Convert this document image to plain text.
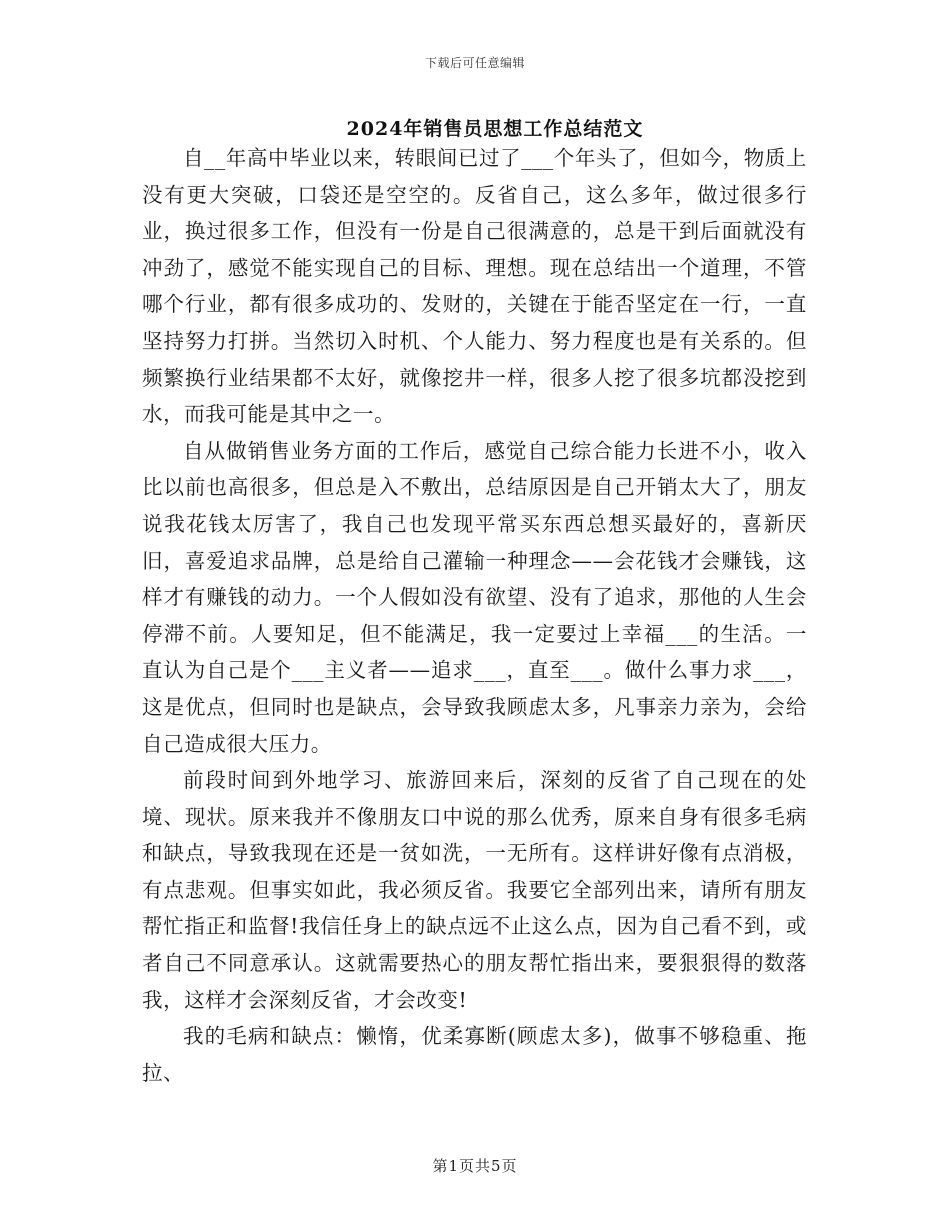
下载后可任意编辑
2024年销售员思想工作总结范文

自__年高中毕业以来，转眼间已过了___个年头了，但如今，物质上没有更大突破，口袋还是空空的。反省自己，这么多年，做过很多行业，换过很多工作，但没有一份是自己很满意的，总是干到后面就没有冲劲了，感觉不能实现自己的目标、理想。现在总结出一个道理，不管哪个行业，都有很多成功的、发财的，关键在于能否坚定在一行，一直坚持努力打拼。当然切入时机、个人能力、努力程度也是有关系的。但频繁换行业结果都不太好，就像挖井一样，很多人挖了很多坑都没挖到水，而我可能是其中之一。

自从做销售业务方面的工作后，感觉自己综合能力长进不小，收入比以前也高很多，但总是入不敷出，总结原因是自己开销太大了，朋友说我花钱太厉害了，我自己也发现平常买东西总想买最好的，喜新厌旧，喜爱追求品牌，总是给自己灌输一种理念——会花钱才会赚钱，这样才有赚钱的动力。一个人假如没有欲望、没有了追求，那他的人生会停滞不前。人要知足，但不能满足，我一定要过上幸福___的生活。一直认为自己是个___主义者——追求___，直至___。做什么事力求___，这是优点，但同时也是缺点，会导致我顾虑太多，凡事亲力亲为，会给自己造成很大压力。

前段时间到外地学习、旅游回来后，深刻的反省了自己现在的处境、现状。原来我并不像朋友口中说的那么优秀，原来自身有很多毛病和缺点，导致我现在还是一贫如洗，一无所有。这样讲好像有点消极，有点悲观。但事实如此，我必须反省。我要它全部列出来，请所有朋友帮忙指正和监督!我信任身上的缺点远不止这么点，因为自己看不到，或者自己不同意承认。这就需要热心的朋友帮忙指出来，要狠狠得的数落我，这样才会深刻反省，才会改变!

我的毛病和缺点：懒惰，优柔寡断(顾虑太多)，做事不够稳重、拖拉、

第1页共5页
